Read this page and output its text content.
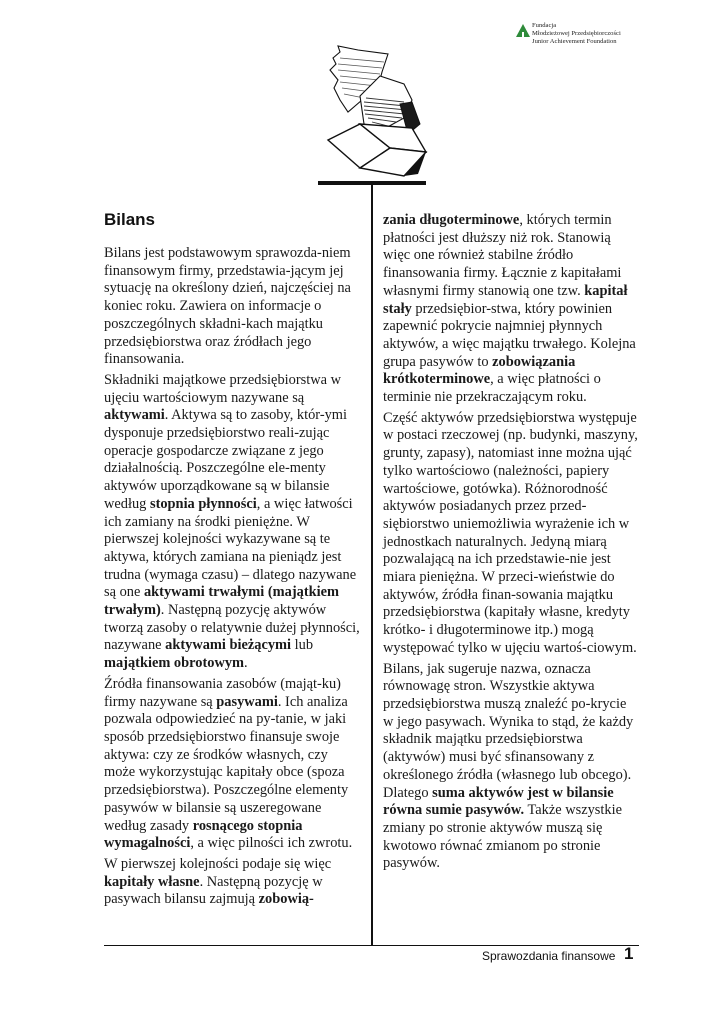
Fundacja
Młodzieżowej Przedsiębiorczości
Junior Achievement Foundation
Bilans

Bilans jest podstawowym sprawozda-niem finansowym firmy, przedstawia-jącym jej sytuację na określony dzień, najczęściej na koniec roku. Zawiera on informacje o poszczególnych składni-kach majątku przedsiębiorstwa oraz źródłach jego finansowania.

Składniki majątkowe przedsiębiorstwa w ujęciu wartościowym nazywane są aktywami. Aktywa są to zasoby, któr-ymi dysponuje przedsiębiorstwo reali-zując operacje gospodarcze związane z jego działalnością. Poszczególne ele-menty aktywów uporządkowane są w bilansie według stopnia płynności, a więc łatwości ich zamiany na środki pieniężne. W pierwszej kolejności wykazywane są te aktywa, których zamiana na pieniądz jest trudna (wymaga czasu) – dlatego nazywane są one aktywami trwałymi (majątkiem trwałym). Następną pozycję aktywów tworzą zasoby o relatywnie dużej płynności, nazywane aktywami bieżącymi lub majątkiem obrotowym.

Źródła finansowania zasobów (mająt-ku) firmy nazywane są pasywami. Ich analiza pozwala odpowiedzieć na py-tanie, w jaki sposób przedsiębiorstwo finansuje swoje aktywa: czy ze środków własnych, czy może wykorzystując kapitały obce (spoza przedsiębiorstwa). Poszczególne elementy pasywów w bilansie są uszeregowane według zasady rosnącego stopnia wymagalności, a więc pilności ich zwrotu.

W pierwszej kolejności podaje się więc kapitały własne. Następną pozycję w pasywach bilansu zajmują zobowią-

zania długoterminowe, których termin płatności jest dłuższy niż rok. Stanowią więc one również stabilne źródło finansowania firmy. Łącznie z kapitałami własnymi firmy stanowią one tzw. kapitał stały przedsiębior-stwa, który powinien zapewnić pokrycie najmniej płynnych aktywów, a więc majątku trwałego. Kolejna grupa pasywów to zobowiązania krótkoterminowe, a więc płatności o terminie nie przekraczającym roku.

Część aktywów przedsiębiorstwa występuje w postaci rzeczowej (np. budynki, maszyny, grunty, zapasy), natomiast inne można ująć tylko wartościowo (należności, papiery wartościowe, gotówka). Różnorodność aktywów posiadanych przez przed-siębiorstwo uniemożliwia wyrażenie ich w jednostkach naturalnych. Jedyną miarą pozwalającą na ich przedstawie-nie jest miara pieniężna. W przeci-wieństwie do aktywów, źródła finan-sowania majątku przedsiębiorstwa (kapitały własne, kredyty krótko- i długoterminowe itp.) mogą występować tylko w ujęciu wartoś-ciowym.

Bilans, jak sugeruje nazwa, oznacza równowagę stron. Wszystkie aktywa przedsiębiorstwa muszą znaleźć po-krycie w jego pasywach. Wynika to stąd, że każdy składnik majątku przedsiębiorstwa (aktywów) musi być sfinansowany z określonego źródła (własnego lub obcego). Dlatego suma aktywów jest w bilansie równa sumie pasywów. Także wszystkie zmiany po stronie aktywów muszą się kwotowo równać zmianom po stronie pasywów.

Sprawozdania finansowe 1
